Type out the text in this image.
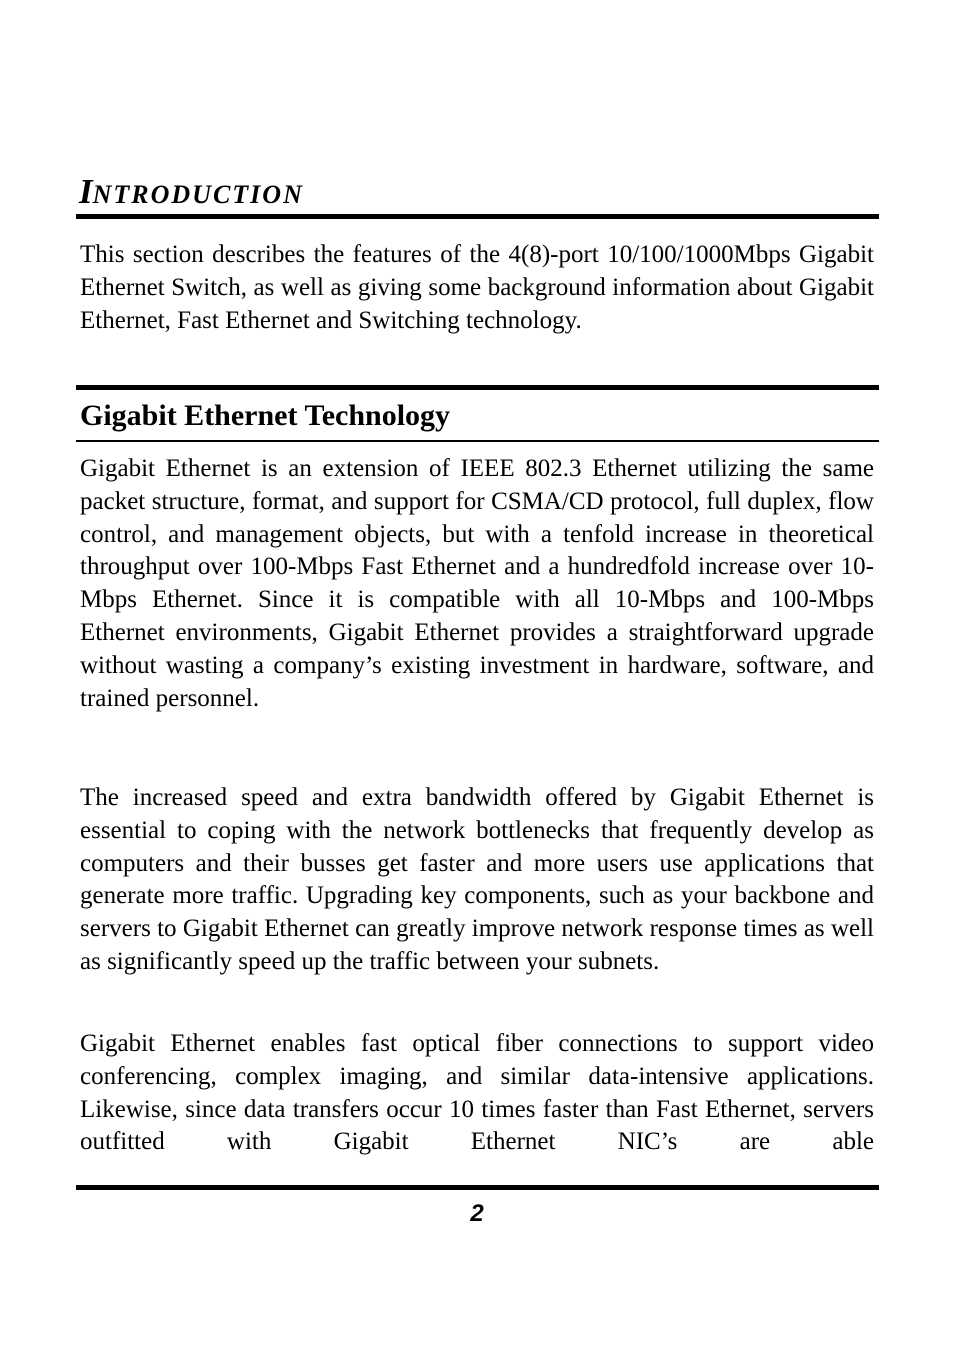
INTRODUCTION

This section describes the features of the 4(8)-port 10/100/1000Mbps Gigabit Ethernet Switch, as well as giving some background information about Gigabit Ethernet, Fast Ethernet and Switching technology.

Gigabit Ethernet Technology

Gigabit Ethernet is an extension of IEEE 802.3 Ethernet utilizing the same packet structure, format, and support for CSMA/CD protocol, full duplex, flow control, and management objects, but with a tenfold increase in theoretical throughput over 100-Mbps Fast Ethernet and a hundredfold increase over 10-Mbps Ethernet. Since it is compatible with all 10-Mbps and 100-Mbps Ethernet environments, Gigabit Ethernet provides a straightforward upgrade without wasting a company’s existing investment in hardware, software, and trained personnel.

The increased speed and extra bandwidth offered by Gigabit Ethernet is essential to coping with the network bottlenecks that frequently develop as computers and their busses get faster and more users use applications that generate more traffic. Upgrading key components, such as your backbone and servers to Gigabit Ethernet can greatly improve network response times as well as significantly speed up the traffic between your subnets.

Gigabit Ethernet enables fast optical fiber connections to support video conferencing, complex imaging, and similar data-intensive applications. Likewise, since data transfers occur 10 times faster than Fast Ethernet, servers outfitted with Gigabit Ethernet NIC’s are able

2
